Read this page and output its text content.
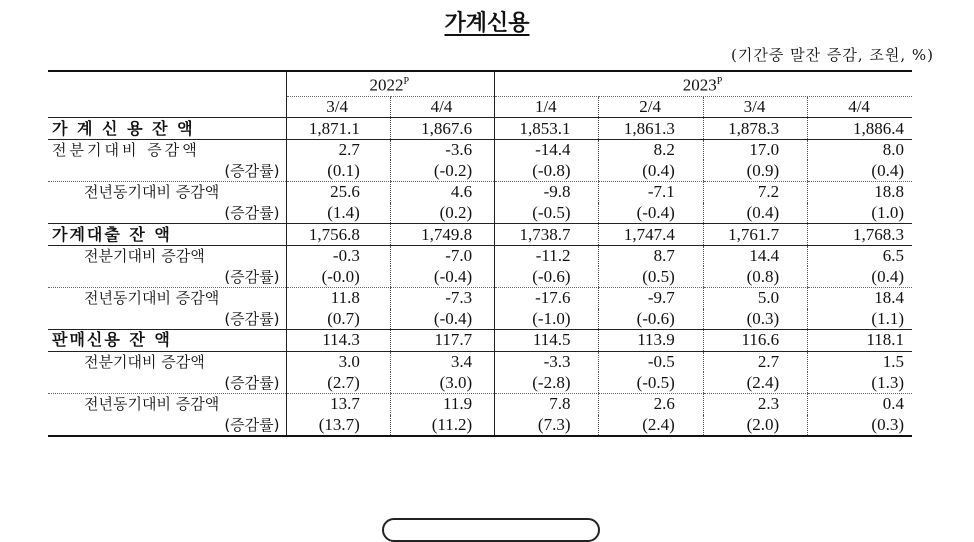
가계신용
(기간중 말잔 증감, 조원, %)
	$2022^P$		$2023^P$
	3/4	4/4	1/4	2/4	3/4	4/4
가 계 신 용 잔 액	1,871.1	1,867.6	1,853.1	1,861.3	1,878.3	1,886.4
전분기대비 증감액	2.7	-3.6	-14.4	8.2	17.0	8.0
(증감률)	(0.1)	(-0.2)	(-0.8)	(0.4)	(0.9)	(0.4)
전년동기대비 증감액	25.6	4.6	-9.8	-7.1	7.2	18.8
(증감률)	(1.4)	(0.2)	(-0.5)	(-0.4)	(0.4)	(1.0)
가계대출 잔 액	1,756.8	1,749.8	1,738.7	1,747.4	1,761.7	1,768.3
전분기대비 증감액	-0.3	-7.0	-11.2	8.7	14.4	6.5
(증감률)	(-0.0)	(-0.4)	(-0.6)	(0.5)	(0.8)	(0.4)
전년동기대비 증감액	11.8	-7.3	-17.6	-9.7	5.0	18.4
(증감률)	(0.7)	(-0.4)	(-1.0)	(-0.6)	(0.3)	(1.1)
판매신용 잔 액	114.3	117.7	114.5	113.9	116.6	118.1
전분기대비 증감액	3.0	3.4	-3.3	-0.5	2.7	1.5
(증감률)	(2.7)	(3.0)	(-2.8)	(-0.5)	(2.4)	(1.3)
전년동기대비 증감액	13.7	11.9	7.8	2.6	2.3	0.4
(증감률)	(13.7)	(11.2)	(7.3)	(2.4)	(2.0)	(0.3)
